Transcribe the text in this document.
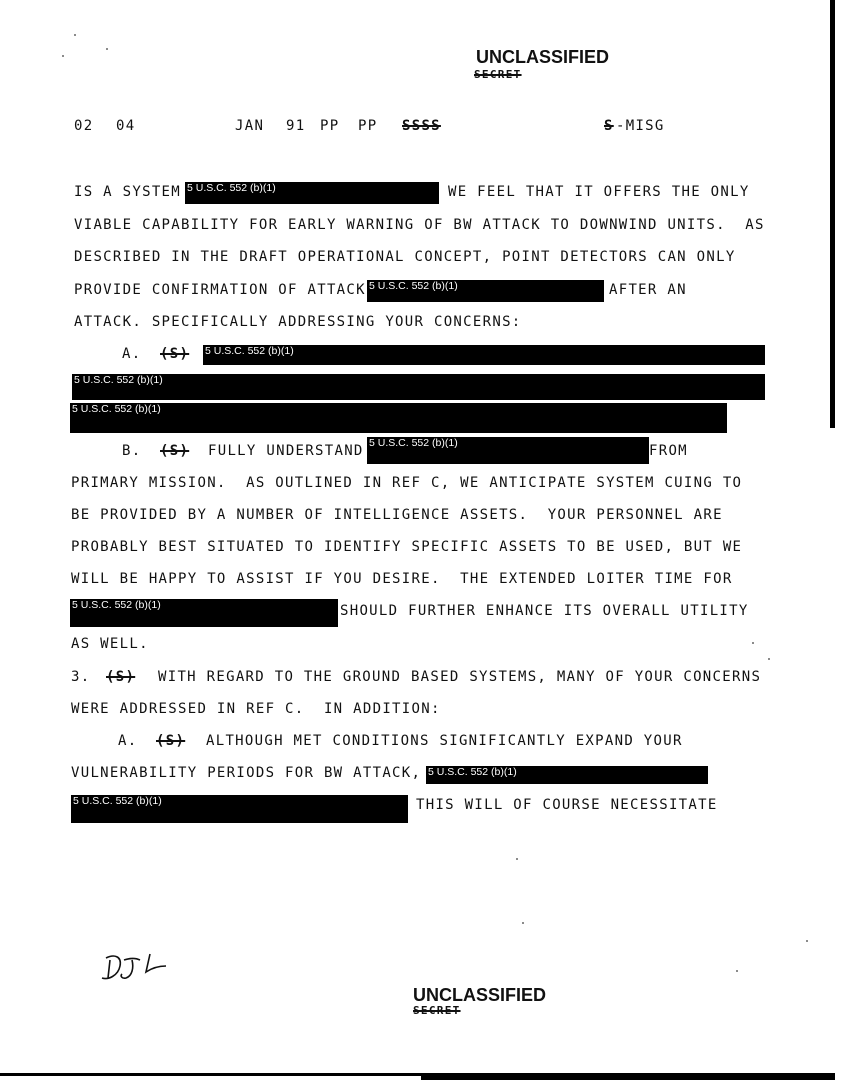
UNCLASSIFIED
SECRET
02 04	JAN 91 PP PP SSSS	S -MISG
IS A SYSTEM 5 U.S.C. 552 (b)(1)	WE FEEL THAT IT OFFERS THE ONLY
VIABLE CAPABILITY FOR EARLY WARNING OF BW ATTACK TO DOWNWIND UNITS.  AS
DESCRIBED IN THE DRAFT OPERATIONAL CONCEPT, POINT DETECTORS CAN ONLY
PROVIDE CONFIRMATION OF ATTACK 5 U.S.C. 552 (b)(1)	AFTER AN
ATTACK. SPECIFICALLY ADDRESSING YOUR CONCERNS:
A. (S) 5 U.S.C. 552 (b)(1)
5 U.S.C. 552 (b)(1)
5 U.S.C. 552 (b)(1)
B. (S) FULLY UNDERSTAND 5 U.S.C. 552 (b)(1)	FROM
PRIMARY MISSION.  AS OUTLINED IN REF C, WE ANTICIPATE SYSTEM CUING TO
BE PROVIDED BY A NUMBER OF INTELLIGENCE ASSETS.  YOUR PERSONNEL ARE
PROBABLY BEST SITUATED TO IDENTIFY SPECIFIC ASSETS TO BE USED, BUT WE
WILL BE HAPPY TO ASSIST IF YOU DESIRE.  THE EXTENDED LOITER TIME FOR
5 U.S.C. 552 (b)(1)	SHOULD FURTHER ENHANCE ITS OVERALL UTILITY
AS WELL.
3. (S) WITH REGARD TO THE GROUND BASED SYSTEMS, MANY OF YOUR CONCERNS
WERE ADDRESSED IN REF C.  IN ADDITION:
A. (S) ALTHOUGH MET CONDITIONS SIGNIFICANTLY EXPAND YOUR
VULNERABILITY PERIODS FOR BW ATTACK, 5 U.S.C. 552 (b)(1)
5 U.S.C. 552 (b)(1)	THIS WILL OF COURSE NECESSITATE
UNCLASSIFIED
SECRET
